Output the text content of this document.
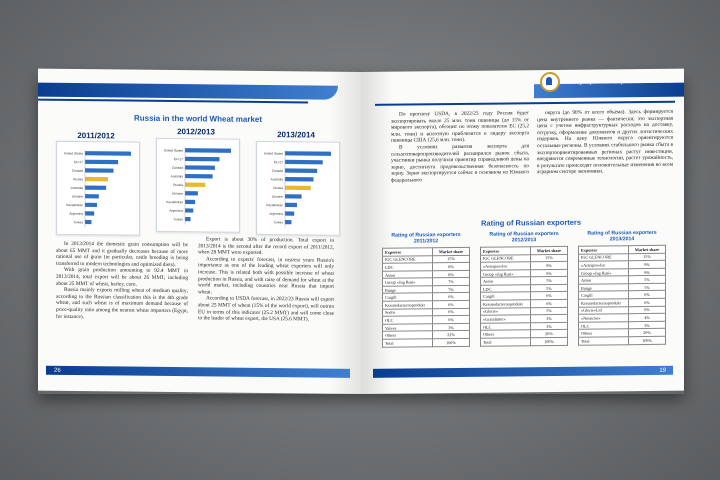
Russia in the world Wheat market
2011/2012	2012/2013	2013/2014
United States
EU-27
Canada
Russia
Australia
Ukraine
Kazakhstan
Argentina
Turkey
United States
EU-27
Canada
Australia
Russia
Ukraine
Kazakhstan
Argentina
Turkey
United States
EU-27
Canada
Australia
Russia
Ukraine
Kazakhstan
Argentina
Turkey

In 2013/2014 the domestic grain consumption will be about 65 MMT and it gradually decreases because of more rational use of grain (in particular, cattle breeding is being transferred to modern technologies and optimized diets).

With grain production amounting to 92.4 MMT in 2013/2014, total export will be about 26 MMT, including about 25 MMT of wheat, barley, corn.

Russia mainly exports milling wheat of medium quality; according to the Russian classification this is the 4th grade wheat, and such wheat is of maximum demand because of price-quality ratio among the nearest wheat importers (Egypt, for instance).

Export is about 30% of production. Total export in 2013/2014 is the second after the record export of 2011/2012, when 28 MMT were exported.

According to experts' forecast, in nearest years Russia's importance as one of the leading wheat exporters will only increase. This is related both with possible increase of wheat production in Russia, and with raise of demand for wheat at the world market, including countries near Russia that import wheat.

According to USDA forecast, in 2022/23 Russia will export about 25 MMT of wheat (15% of the world export), will outrun EU in terms of this indicator (25.2 MMT) and will come close to the leader of wheat export, the USA (25.6 MMT).

26
Международная Зерновая Компания

По прогнозу USDA, в 2022/23 году Россия будет экспортировать около 25 млн. тонн пшеницы (до 15% от мирового экспорта), обгонит по этому показателю ЕС (25,2 млн. тонн) и вплотную приблизится к лидеру экспорта пшеницы США (25,6 млн. тонн).

В условиях развития экспорта для сельхозтоваропроизводителей расширился рынок сбыта, участники рынка получили ориентир справедливой цены на зерно, достигнута продовольственная безопасность по зерну. Зерно экспортируется сейчас в основном из Южного федерального

округа (до 90% от всего объёма). Здесь формируется цена внутреннего рынка — фактически, это экспортная цена с учетом инфраструктурных расходов на доставку, отгрузку, оформление документов и других логистических издержек. На цену Южного округа ориентируются остальные регионы. В условиях стабильного рынка сбыта в экспортоориентированных регионах растут инвестиции, внедряются современные технологии, растет урожайность, в результате происходят положительные изменения во всем аграрном секторе экономики.

Rating of Russian exporters
Rating of Russian exporters 2011/2012
Rating of Russian exporters 2012/2013
Rating of Russian exporters 2013/2014
Exporter	Market share
IGC GLENCORE	15%
LDC	8%
Aston	8%
Group «Jug Rusi»	7%
Bunge	7%
Cargill	6%
Krasnodarzernoprodukt	6%
Sodru	6%
OLC	6%
Valeva	3%
Others	22%
Total	100%
Exporter	Market share
IGC GLENCORE	15%
«Astrapos»Inc	9%
Group «Jug Rusi»	9%
Aston	5%
LDC	5%
Cargill	6%
Krasnodarzernoprodukt	6%
«Glorie»	5%
«Grainlinter»	3%
OLC	3%
Others	26%
Total	100%
Exporter	Market share
IGC GLENCORE	15%
«Astrapos»Inc	9%
Group «Jug Rusi»	9%
Aston	5%
Bunge	5%
Cargill	6%
Krasnodarzernoprodukt	6%
«Glorie»Ltd	6%
«Noonrise»	4%
OLC	3%
Others	29%
Total	100%
19
